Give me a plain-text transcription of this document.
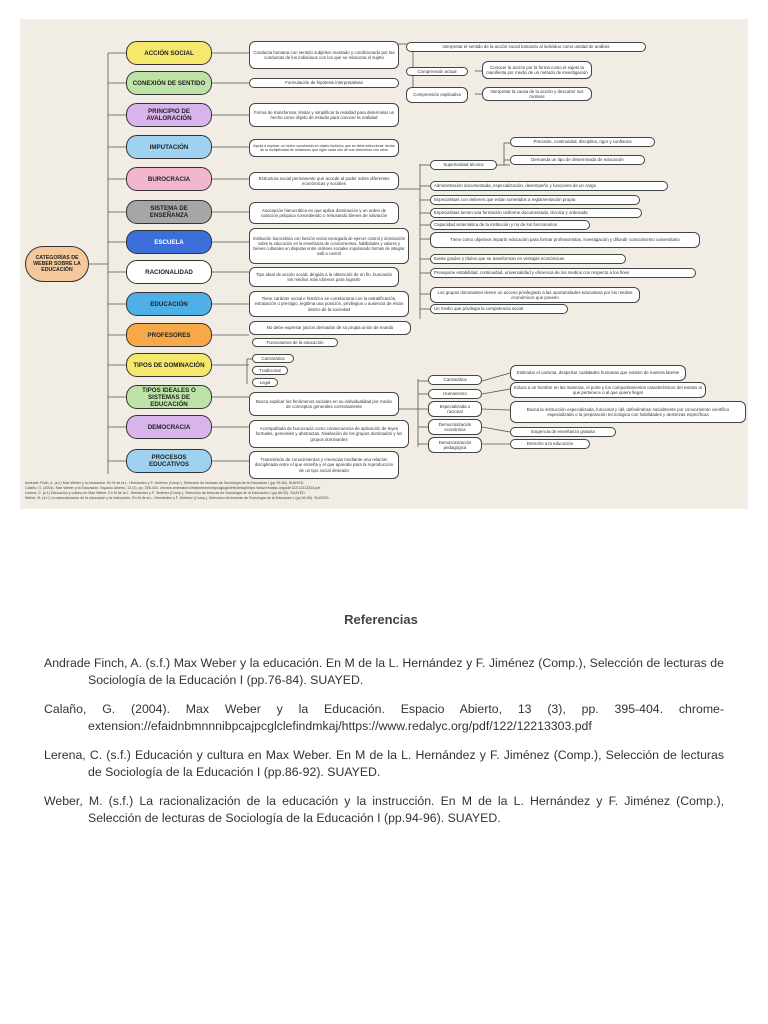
CATEGORÍAS DE WEBER SOBRE LA EDUCACIÓN
Conducta humana con sentido subjetivo mentado y condicionado por las conductas de los individuos con los que se relaciona el sujeto
Formulación de hipótesis interpretativas
Forma de transformar, limitar y simplificar la realidad para determinar un hecho como objeto de estudio para conocer la realidad
Ayuda a explicar un hecho constituido en objeto histórico que se debe seleccionar dentro de la multiplicidad de relaciones que rigen cada uno de sus elementos con otros
Estructura social permanente que accede al poder sobre diferentes económicas y sociales
Asociación hierocrática en que aplica dominación y un orden de coacción psíquica concediendo o rehusando bienes de salvación
Institución burocrática con función social encargada de ejercer control y dominación sobre la educación en la enseñanza de conocimientos, habilidades y valores y bienes culturales en disputas entre ordenes sociales impulsando formas de integrar estil a control
Tipo ideal de acción social, dirigida a la obtención de un fin, buscando los medios más idóneos para lograrlo
Tiene carácter social e histórico se correlaciona con la estratificación, estratación o prestigio, legitima una posición, privilegios o ausencia de éstos dentro de la sociedad
No debe expresar juicios derivados de su propia unión de mundo
Funcionarios de la educación
Carismática
Tradicional
Legal
Busca explicar los fenómenos sociales en su individualidad por medio de conceptos generales correctamente
Acompañada de burocracia como consecuencia de aplicación de leyes formales, generales y abstractas. Nivelación de los grupos dominados y los grupos dominantes
Transmisión de conocimientos y creencias mediante una relación disciplinada entre el que enseña y el que aprende para la reproducción de un tipo social deseado
Interpretar el sentido de la acción social tomando al individuo como unidad de análisis
Comprensión actual
Conocer la acción por la forma como el sujeto la manifiesta por medio de un método de investigación
Comprensión explicativa
Interpretar la causa de la acción y descubrir sus motivos
Superioridad técnica
Precisión, continuidad, disciplina, rigor y confianza
Demanda un tipo de determinada de educación
Administración documentada, especialización, desempeño y funciones de un cargo
Especialistas con deberes que están sometidos a reglamentación propia
Especialistas tienen una formación uniforme documentada, técnica y ordenada
Capacidad sistemática de la institución y no de los funcionarios
Tiene como objetivos impartir educación para formar profesionistas, investigación y difundir conocimiento universitario
Existe grados y títulos que se transforman en ventajas económicas
Presupone estabilidad, continuidad, universalidad y eficiencia de los medios con respecto a los fines
Los grupos dominantes tienen un acceso privilegiado a las oportunidades educativas por los medios económicos que poseen
Un medio que privilegia la competencia social
Carismática
Humanismo
Especializada o racional
Democratización económica
Democratización pedagógica
Estimular el carisma, despertar cualidades humanas que existen de manera latente
Educa a un hombre en las maneras, el porte y los comportamientos característicos del estrato al que pertenece o al que quiere llegar
Busca la instrucción especializada, funcional y útil, definiéndose socialmente por conocimiento científico especializado o la preparación tecnológica con habilidades y destrezas específicas
Exigencia de enseñanza gratuita
Derecho a la educación
Andrade Finch, A. (s.f.) Max Weber y la educación. En M de la L. Hernández y F. Jiménez (Comp.), Selección de lecturas de Sociología de la Educación I (pp.76-84). SUAYED.
Calaño, G. (2004). Max Weber y la Educación. Espacio Abierto, 13 (3), pp. 395-404. chrome-extension://efaidnbmnnnibpcajpcglclefindmkaj/https://www.redalyc.org/pdf/122/12213303.pdf
Lerena, C. (s.f.) Educación y cultura en Max Weber. En M de la L. Hernández y F. Jiménez (Comp.), Selección de lecturas de Sociología de la Educación I (pp.86-92). SUAYED.
Weber, M. (s.f.) La racionalización de la educación y la instrucción. En M de la L. Hernández y F. Jiménez (Comp.), Selección de lecturas de Sociología de la Educación I (pp.94-96). SUAYED.
ACCIÓN SOCIAL
CONEXIÓN DE SENTIDO
PRINCIPIO DE AVALORACIÓN
IMPUTACIÓN
BUROCRACIA
SISTEMA DE ENSEÑANZA
ESCUELA
RACIONALIDAD
EDUCACIÓN
PROFESORES
TIPOS DE DOMINACIÓN
TIPOS IDEALES O SISTEMAS DE EDUCACIÓN
DEMOCRACIA
PROCESOS EDUCATIVOS
Referencias
Andrade Finch, A. (s.f.) Max Weber y la educación. En M de la L. Hernández y F. Jiménez (Comp.), Selección de lecturas de Sociología de la Educación I (pp.76-84). SUAYED.
Calaño, G. (2004). Max Weber y la Educación. Espacio Abierto, 13 (3), pp. 395-404. chrome-extension://efaidnbmnnnibpcajpcglclefindmkaj/https://www.redalyc.org/pdf/122/12213303.pdf
Lerena, C. (s.f.) Educación y cultura en Max Weber. En M de la L. Hernández y F. Jiménez (Comp.), Selección de lecturas de Sociología de la Educación I (pp.86-92). SUAYED.
Weber, M. (s.f.) La racionalización de la educación y la instrucción. En M de la L. Hernández y F. Jiménez (Comp.), Selección de lecturas de Sociología de la Educación I (pp.94-96). SUAYED.
